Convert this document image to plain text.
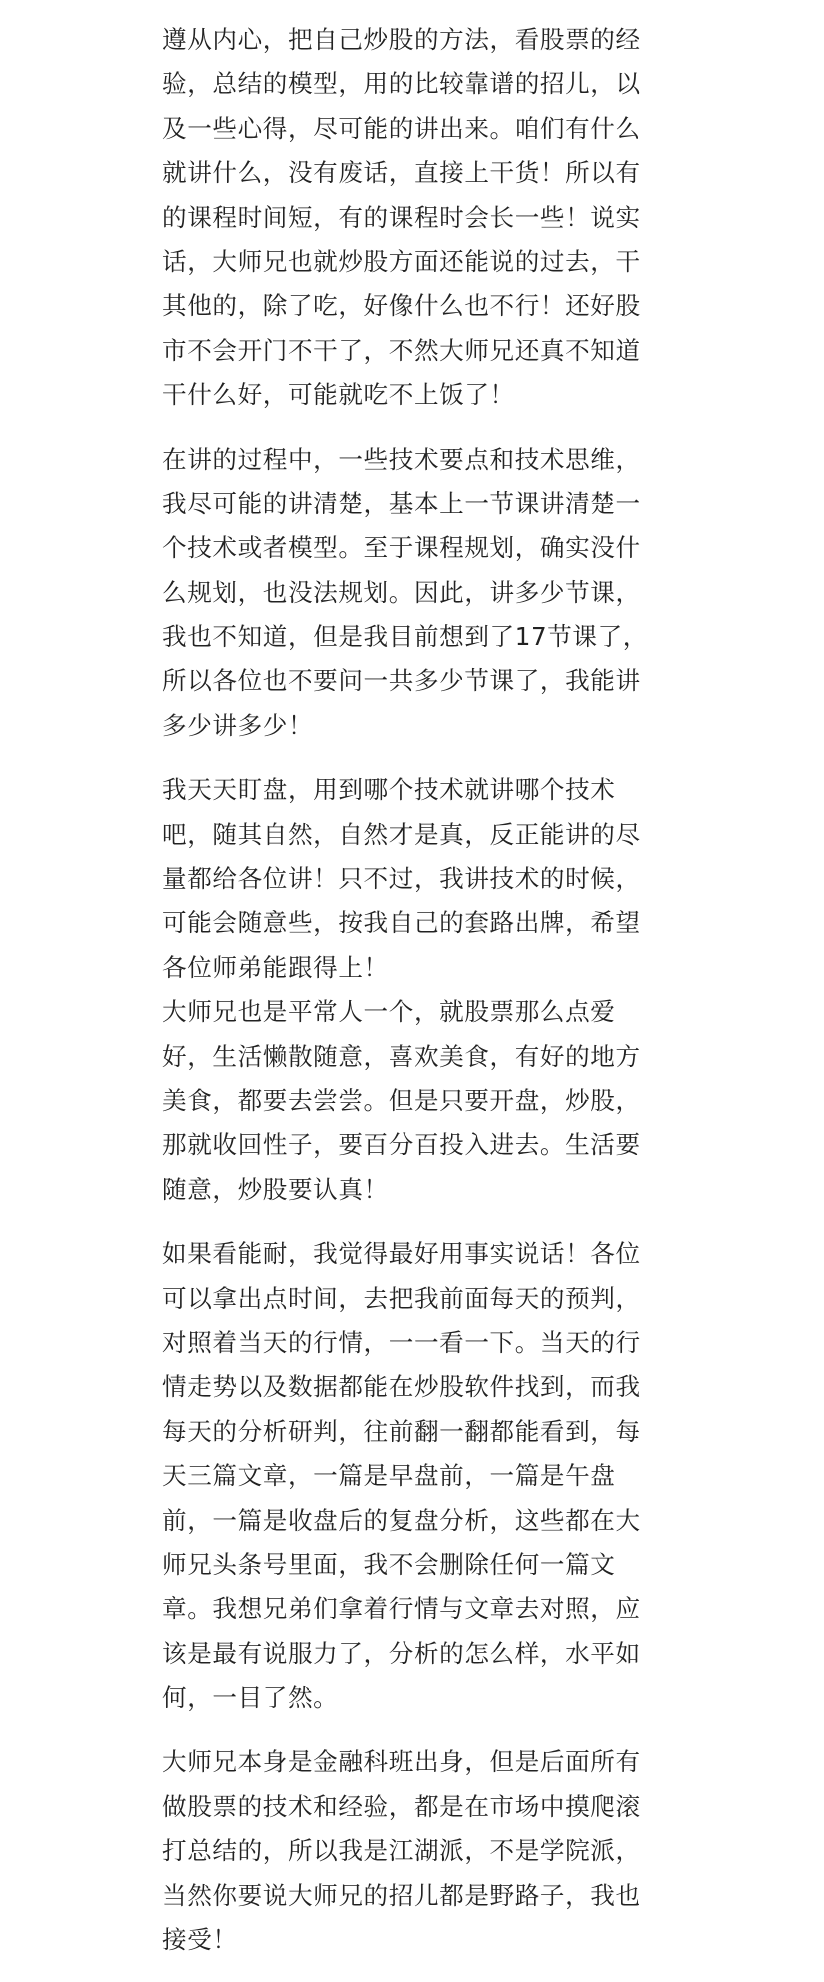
遵从内心，把自己炒股的方法，看股票的经
验，总结的模型，用的比较靠谱的招儿，以
及一些心得，尽可能的讲出来。咱们有什么
就讲什么，没有废话，直接上干货！所以有
的课程时间短，有的课程时会长一些！说实
话，大师兄也就炒股方面还能说的过去，干
其他的，除了吃，好像什么也不行！还好股
市不会开门不干了，不然大师兄还真不知道
干什么好，可能就吃不上饭了！
在讲的过程中，一些技术要点和技术思维，
我尽可能的讲清楚，基本上一节课讲清楚一
个技术或者模型。至于课程规划，确实没什
么规划，也没法规划。因此，讲多少节课，
我也不知道，但是我目前想到了17节课了，
所以各位也不要问一共多少节课了，我能讲
多少讲多少！
我天天盯盘，用到哪个技术就讲哪个技术
吧，随其自然，自然才是真，反正能讲的尽
量都给各位讲！只不过，我讲技术的时候，
可能会随意些，按我自己的套路出牌，希望
各位师弟能跟得上！
大师兄也是平常人一个，就股票那么点爱
好，生活懒散随意，喜欢美食，有好的地方
美食，都要去尝尝。但是只要开盘，炒股，
那就收回性子，要百分百投入进去。生活要
随意，炒股要认真！
如果看能耐，我觉得最好用事实说话！各位
可以拿出点时间，去把我前面每天的预判，
对照着当天的行情，一一看一下。当天的行
情走势以及数据都能在炒股软件找到，而我
每天的分析研判，往前翻一翻都能看到，每
天三篇文章，一篇是早盘前，一篇是午盘
前，一篇是收盘后的复盘分析，这些都在大
师兄头条号里面，我不会删除任何一篇文
章。我想兄弟们拿着行情与文章去对照，应
该是最有说服力了，分析的怎么样，水平如
何，一目了然。
大师兄本身是金融科班出身，但是后面所有
做股票的技术和经验，都是在市场中摸爬滚
打总结的，所以我是江湖派，不是学院派，
当然你要说大师兄的招儿都是野路子，我也
接受！
